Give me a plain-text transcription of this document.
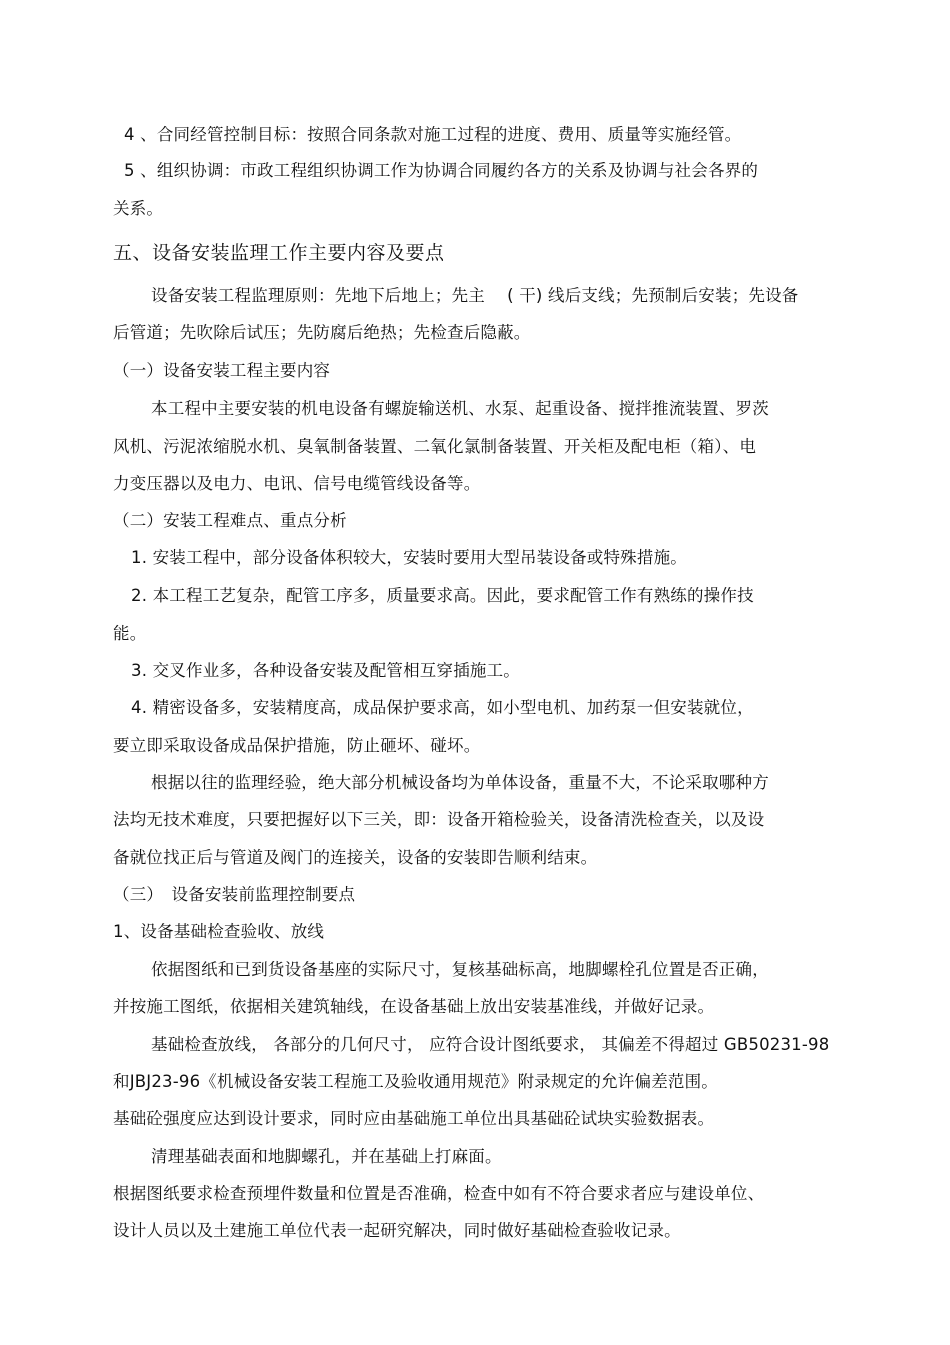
4 、合同经管控制目标：按照合同条款对施工过程的进度、费用、质量等实施经管。
5 、组织协调：市政工程组织协调工作为协调合同履约各方的关系及协调与社会各界的
关系。
五、设备安装监理工作主要内容及要点
设备安装工程监理原则：先地下后地上；先主　 ( 干) 线后支线；先预制后安装；先设备
后管道；先吹除后试压；先防腐后绝热；先检查后隐蔽。
（一）设备安装工程主要内容
本工程中主要安装的机电设备有螺旋输送机、水泵、起重设备、搅拌推流装置、罗茨
风机、污泥浓缩脱水机、臭氧制备装置、二氧化氯制备装置、开关柜及配电柜（箱）、电
力变压器以及电力、电讯、信号电缆管线设备等。
（二）安装工程难点、重点分析
1. 安装工程中，部分设备体积较大，安装时要用大型吊装设备或特殊措施。
2. 本工程工艺复杂，配管工序多，质量要求高。因此，要求配管工作有熟练的操作技
能。
3. 交叉作业多，各种设备安装及配管相互穿插施工。
4. 精密设备多，安装精度高，成品保护要求高，如小型电机、加药泵一但安装就位，
要立即采取设备成品保护措施，防止砸坏、碰坏。
根据以往的监理经验，绝大部分机械设备均为单体设备，重量不大，不论采取哪种方
法均无技术难度，只要把握好以下三关，即：设备开箱检验关，设备清洗检查关，以及设
备就位找正后与管道及阀门的连接关，设备的安装即告顺利结束。
（三）　设备安装前监理控制要点
1、设备基础检查验收、放线
依据图纸和已到货设备基座的实际尺寸，复核基础标高，地脚螺栓孔位置是否正确，
并按施工图纸，依据相关建筑轴线，在设备基础上放出安装基准线，并做好记录。
基础检查放线， 各部分的几何尺寸， 应符合设计图纸要求， 其偏差不得超过 GB50231-98
和JBJ23-96《机械设备安装工程施工及验收通用规范》附录规定的允许偏差范围。
基础砼强度应达到设计要求，同时应由基础施工单位出具基础砼试块实验数据表。
清理基础表面和地脚螺孔，并在基础上打麻面。
根据图纸要求检查预埋件数量和位置是否准确，检查中如有不符合要求者应与建设单位、
设计人员以及土建施工单位代表一起研究解决，同时做好基础检查验收记录。
